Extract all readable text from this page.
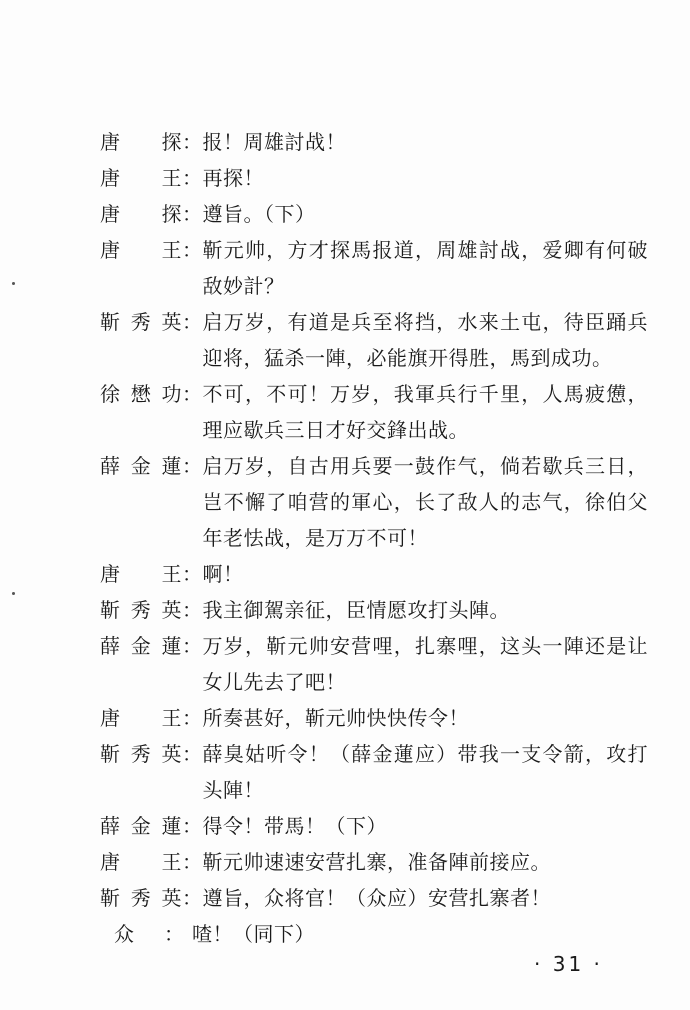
唐　探 ： 报！周雄討战！
唐　王 ： 再探！
唐　探 ： 遵旨。（下）
唐　王 ： 靳元帅，方才探馬报道，周雄討战，爱卿有何破敌妙計？
靳秀英 ： 启万岁，有道是兵至将挡，水来土屯，待臣踊兵迎将，猛杀一陣，必能旗开得胜，馬到成功。
徐懋功 ： 不可，不可！万岁，我軍兵行千里，人馬疲憊，理应歇兵三日才好交鋒出战。
薛金蓮 ： 启万岁，自古用兵要一鼓作气，倘若歇兵三日，岂不懈了咱营的軍心，长了敌人的志气，徐伯父年老怯战，是万万不可！
唐　王 ： 啊！
靳秀英 ： 我主御駕亲征，臣情愿攻打头陣。
薛金蓮 ： 万岁，靳元帅安营哩，扎寨哩，这头一陣还是让女儿先去了吧！
唐　王 ： 所奏甚好，靳元帅快快传令！
靳秀英 ： 薛臭姑听令！（薛金蓮应）带我一支令箭，攻打头陣！
薛金蓮 ： 得令！带馬！（下）
唐　王 ： 靳元帅速速安营扎寨，准备陣前接应。
靳秀英 ： 遵旨，众将官！（众应）安营扎寨者！
众	： 喳！（同下）
· 31 ·
